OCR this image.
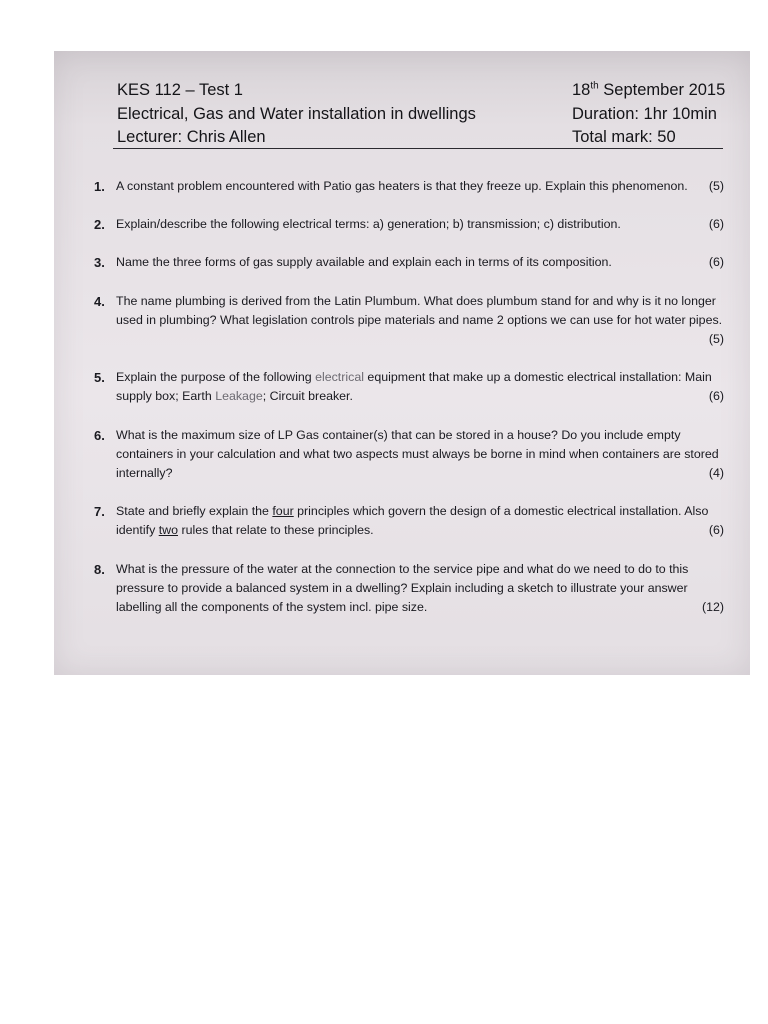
KES 112 – Test 1	18th September 2015
Electrical, Gas and Water installation in dwellings	Duration: 1hr 10min
Lecturer: Chris Allen	Total mark: 50
1. A constant problem encountered with Patio gas heaters is that they freeze up. Explain this phenomenon. (5)
2. Explain/describe the following electrical terms: a) generation; b) transmission; c) distribution.	(6)
3. Name the three forms of gas supply available and explain each in terms of its composition.	(6)
4. The name plumbing is derived from the Latin Plumbum. What does plumbum stand for and why is it no longer used in plumbing? What legislation controls pipe materials and name 2 options we can use for hot water pipes.
(5)
5. Explain the purpose of the following electrical equipment that make up a domestic electrical installation: Main supply box; Earth Leakage; Circuit breaker.	(6)
6. What is the maximum size of LP Gas container(s) that can be stored in a house? Do you include empty containers in your calculation and what two aspects must always be borne in mind when containers are stored internally?	(4)
7. State and briefly explain the four principles which govern the design of a domestic electrical installation. Also identify two rules that relate to these principles.	(6)
8. What is the pressure of the water at the connection to the service pipe and what do we need to do to this pressure to provide a balanced system in a dwelling? Explain including a sketch to illustrate your answer labelling all the components of the system incl. pipe size.	(12)
